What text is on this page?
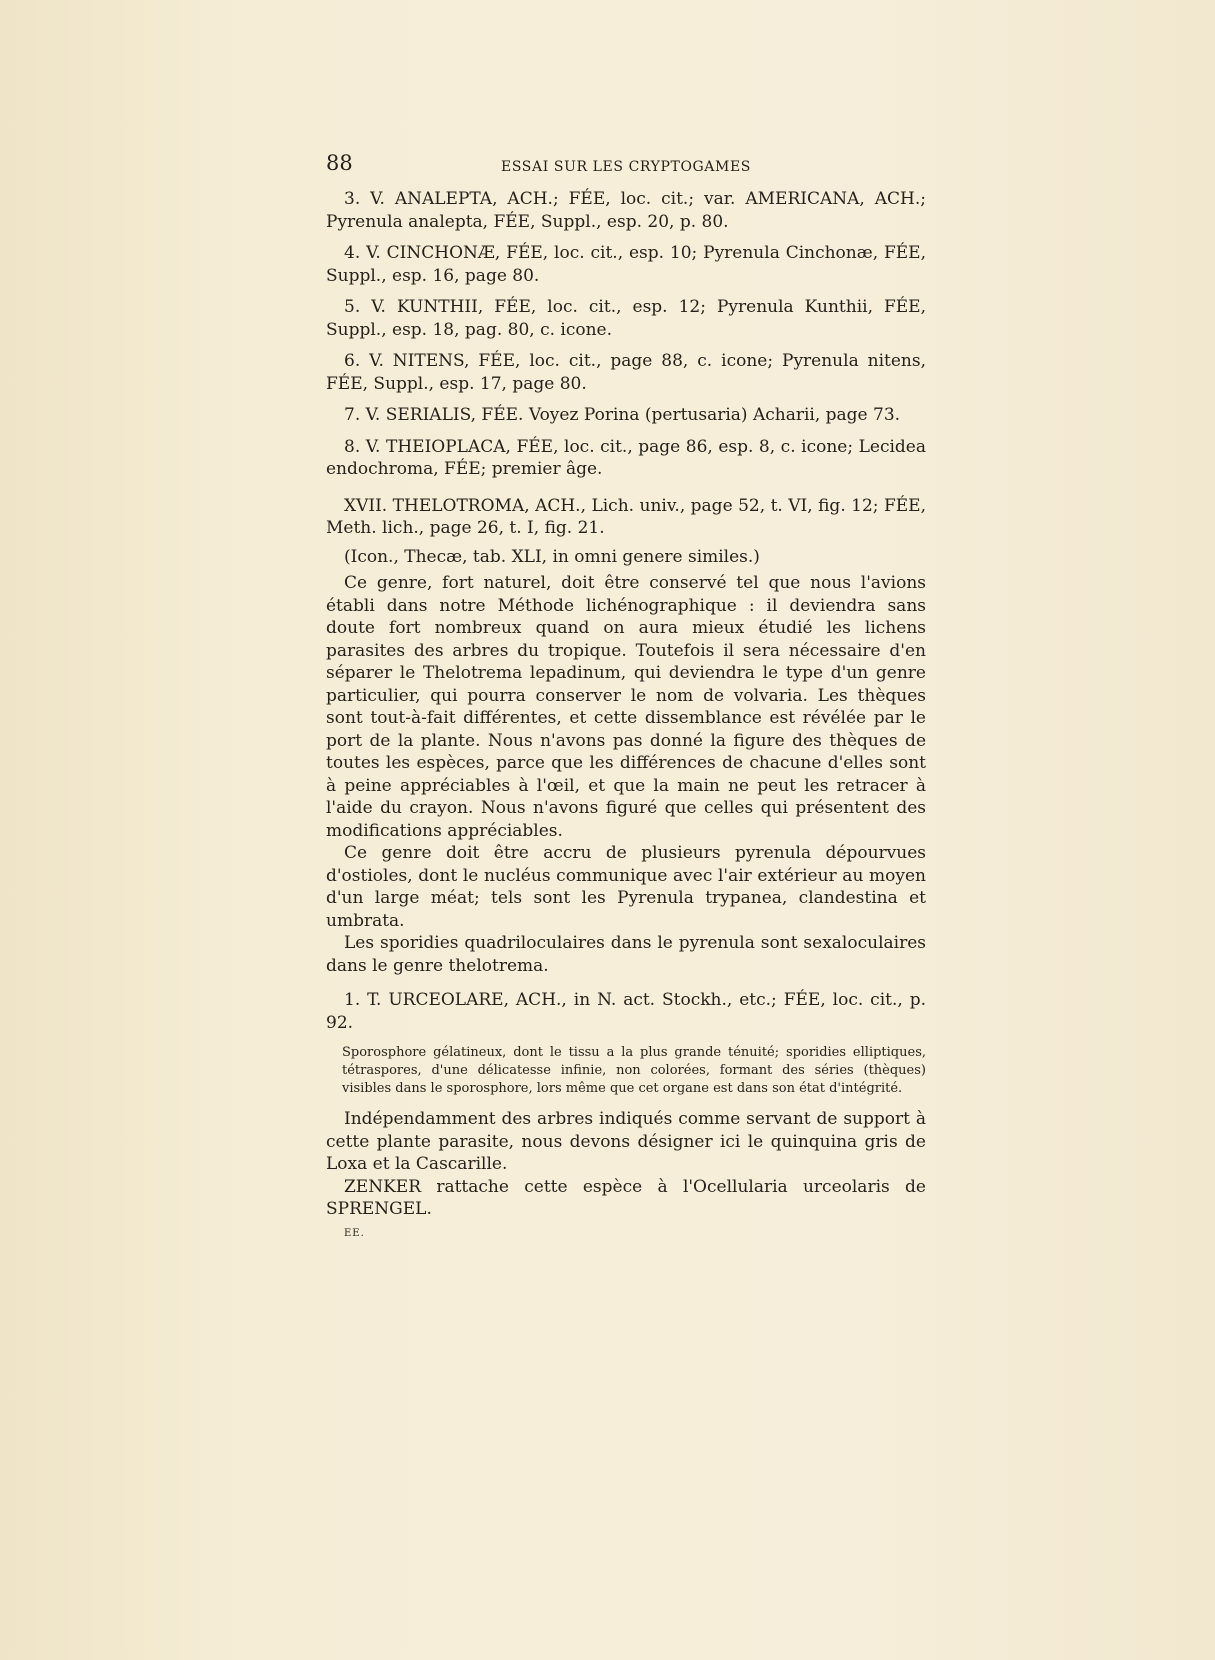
88	ESSAI SUR LES CRYPTOGAMES

3. V. ANALEPTA, ACH.; FÉE, loc. cit.; var. AMERICANA, ACH.; Pyrenula analepta, FÉE, Suppl., esp. 20, p. 80.

4. V. CINCHONÆ, FÉE, loc. cit., esp. 10; Pyrenula Cinchonæ, FÉE, Suppl., esp. 16, page 80.

5. V. KUNTHII, FÉE, loc. cit., esp. 12; Pyrenula Kunthii, FÉE, Suppl., esp. 18, pag. 80, c. icone.

6. V. NITENS, FÉE, loc. cit., page 88, c. icone; Pyrenula nitens, FÉE, Suppl., esp. 17, page 80.

7. V. SERIALIS, FÉE. Voyez Porina (pertusaria) Acharii, page 73.

8. V. THEIOPLACA, FÉE, loc. cit., page 86, esp. 8, c. icone; Lecidea endochroma, FÉE; premier âge.

XVII. THELOTROMA, ACH., Lich. univ., page 52, t. VI, fig. 12; FÉE, Meth. lich., page 26, t. I, fig. 21.

(Icon., Thecæ, tab. XLI, in omni genere similes.)

Ce genre, fort naturel, doit être conservé tel que nous l'avions établi dans notre Méthode lichénographique : il deviendra sans doute fort nombreux quand on aura mieux étudié les lichens parasites des arbres du tropique. Toutefois il sera nécessaire d'en séparer le Thelotrema lepadinum, qui deviendra le type d'un genre particulier, qui pourra conserver le nom de volvaria. Les thèques sont tout-à-fait différentes, et cette dissemblance est révélée par le port de la plante. Nous n'avons pas donné la figure des thèques de toutes les espèces, parce que les différences de chacune d'elles sont à peine appréciables à l'œil, et que la main ne peut les retracer à l'aide du crayon. Nous n'avons figuré que celles qui présentent des modifications appréciables.

Ce genre doit être accru de plusieurs pyrenula dépourvues d'ostioles, dont le nucléus communique avec l'air extérieur au moyen d'un large méat; tels sont les Pyrenula trypanea, clandestina et umbrata.

Les sporidies quadriloculaires dans le pyrenula sont sexaloculaires dans le genre thelotrema.

1. T. URCEOLARE, ACH., in N. act. Stockh., etc.; FÉE, loc. cit., p. 92.

Sporosphore gélatineux, dont le tissu a la plus grande ténuité; sporidies elliptiques, tétraspores, d'une délicatesse infinie, non colorées, formant des séries (thèques) visibles dans le sporosphore, lors même que cet organe est dans son état d'intégrité.

Indépendamment des arbres indiqués comme servant de support à cette plante parasite, nous devons désigner ici le quinquina gris de Loxa et la Cascarille.

ZENKER rattache cette espèce à l'Ocellularia urceolaris de SPRENGEL.

EE.
